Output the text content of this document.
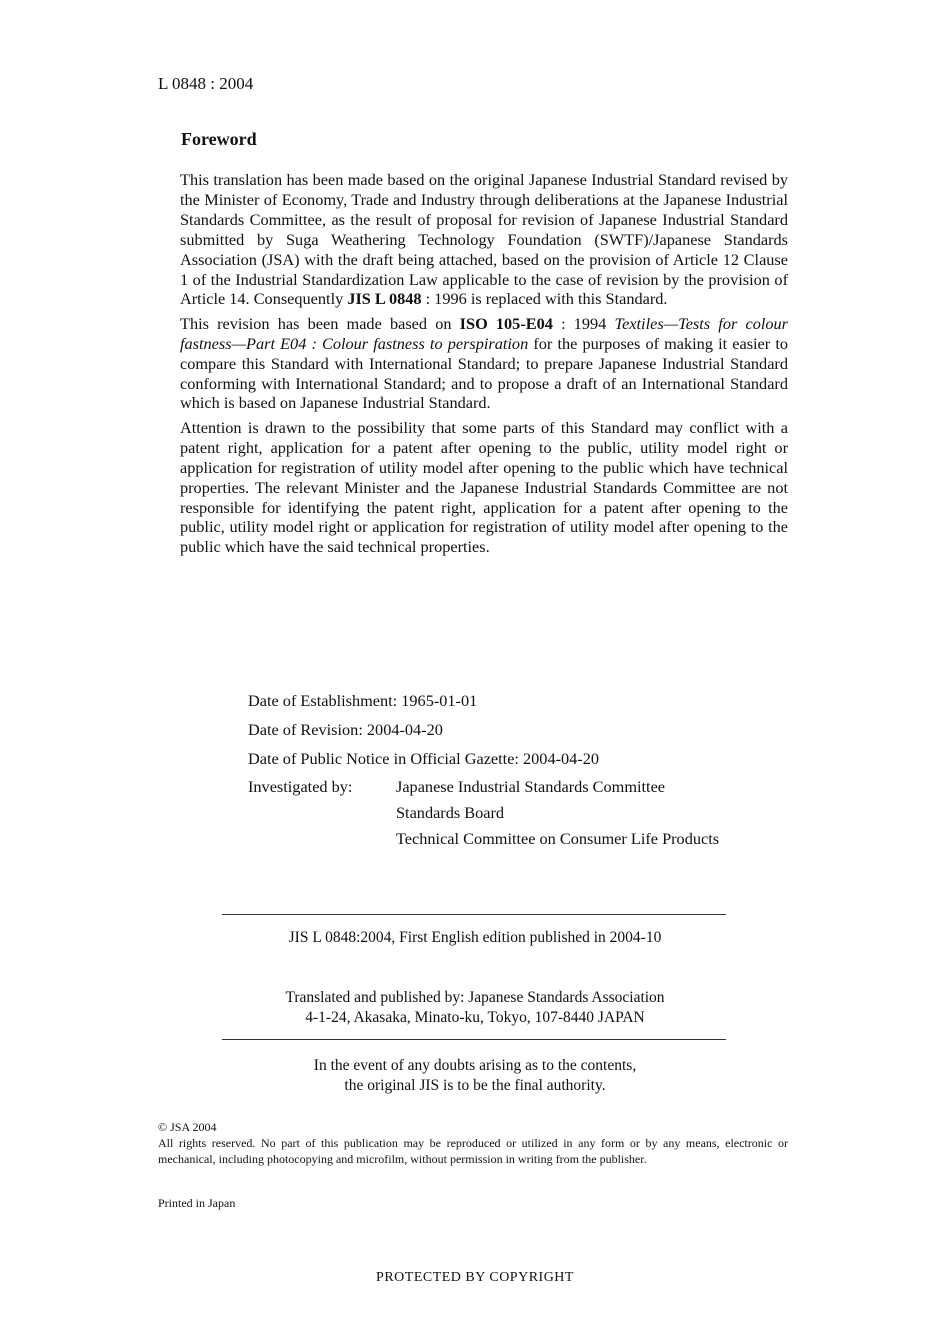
L 0848 : 2004
Foreword

This translation has been made based on the original Japanese Industrial Standard revised by the Minister of Economy, Trade and Industry through deliberations at the Japanese Industrial Standards Committee, as the result of proposal for revision of Japanese Industrial Standard submitted by Suga Weathering Technology Foundation (SWTF)/Japanese Standards Association (JSA) with the draft being attached, based on the provision of Article 12 Clause 1 of the Industrial Standardization Law applicable to the case of revision by the provision of Article 14. Consequently JIS L 0848 : 1996 is replaced with this Standard.

This revision has been made based on ISO 105-E04 : 1994 Textiles—Tests for colour fastness—Part E04 : Colour fastness to perspiration for the purposes of making it easier to compare this Standard with International Standard; to prepare Japanese Industrial Standard conforming with International Standard; and to propose a draft of an International Standard which is based on Japanese Industrial Standard.

Attention is drawn to the possibility that some parts of this Standard may conflict with a patent right, application for a patent after opening to the public, utility model right or application for registration of utility model after opening to the public which have technical properties. The relevant Minister and the Japanese Industrial Standards Committee are not responsible for identifying the patent right, application for a patent after opening to the public, utility model right or application for registration of utility model after opening to the public which have the said technical properties.

Date of Establishment: 1965-01-01
Date of Revision: 2004-04-20
Date of Public Notice in Official Gazette: 2004-04-20
Investigated by:	Japanese Industrial Standards Committee
Standards Board
Technical Committee on Consumer Life Products
JIS L 0848:2004, First English edition published in 2004-10
Translated and published by: Japanese Standards Association
4-1-24, Akasaka, Minato-ku, Tokyo, 107-8440 JAPAN
In the event of any doubts arising as to the contents,
the original JIS is to be the final authority.

© JSA 2004

All rights reserved. No part of this publication may be reproduced or utilized in any form or by any means, electronic or mechanical, including photocopying and microfilm, without permission in writing from the publisher.

Printed in Japan
PROTECTED BY COPYRIGHT
